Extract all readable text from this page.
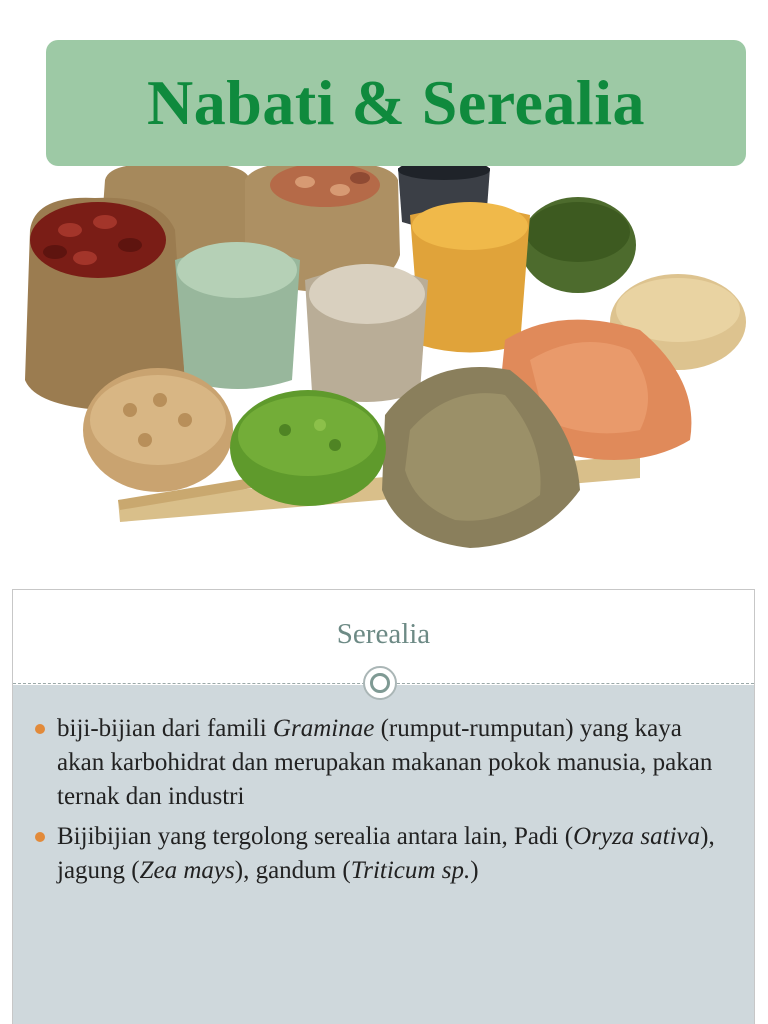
Nabati & Serealia
Serealia
biji-bijian dari famili Graminae (rumput-rumputan) yang kaya akan karbohidrat dan merupakan makanan pokok manusia, pakan ternak dan industri
Bijibijian yang tergolong serealia antara lain, Padi (Oryza sativa), jagung (Zea mays), gandum (Triticum sp.)
